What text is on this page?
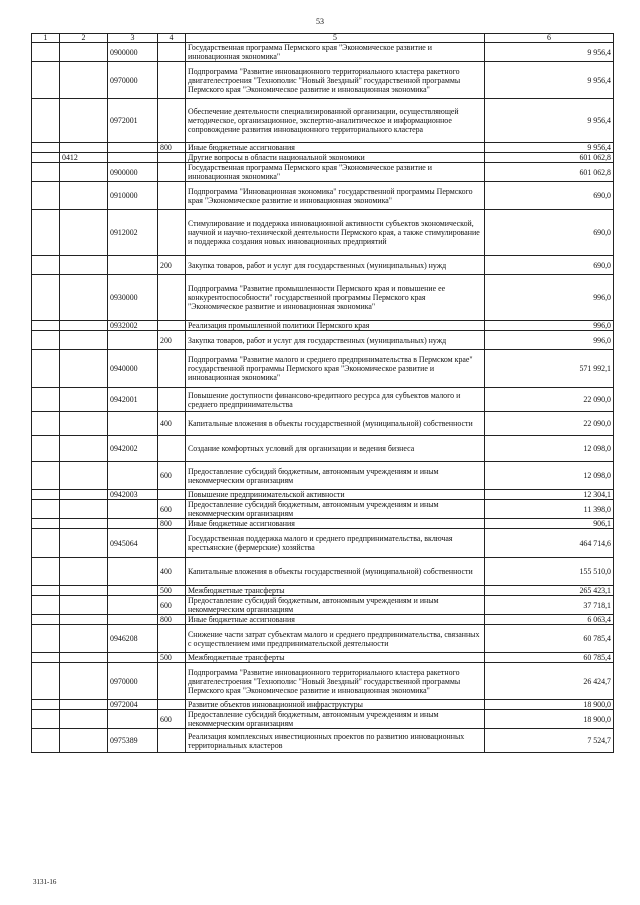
53
1	2	3	4	5	6
		0900000		Государственная программа Пермского края "Экономическое развитие и инновационная экономика"	9 956,4
		0970000		Подпрограмма "Развитие инновационного территориального кластера ракетного двигателестроения "Технополис "Новый Звездный" государственной программы Пермского края "Экономическое развитие и инновационная экономика"	9 956,4
		0972001		Обеспечение деятельности специализированной организации, осуществляющей методическое, организационное, экспертно-аналитическое и информационное сопровождение развития инновационного территориального кластера	9 956,4
			800	Иные бюджетные ассигнования	9 956,4
	0412			Другие вопросы в области национальной экономики	601 062,8
		0900000		Государственная программа Пермского края "Экономическое развитие и инновационная экономика"	601 062,8
		0910000		Подпрограмма "Инновационная экономика" государственной программы Пермского края "Экономическое развитие и инновационная экономика"	690,0
		0912002		Стимулирование и поддержка инновационной активности субъектов экономической, научной и научно-технической деятельности Пермского края, а также стимулирование и поддержка создания новых инновационных предприятий	690,0
			200	Закупка товаров, работ и услуг для государственных (муниципальных) нужд	690,0
		0930000		Подпрограмма "Развитие промышленности Пермского края и повышение ее конкурентоспособности" государственной программы Пермского края "Экономическое развитие и инновационная экономика"	996,0
		0932002		Реализация промышленной политики Пермского края	996,0
			200	Закупка товаров, работ и услуг для государственных (муниципальных) нужд	996,0
		0940000		Подпрограмма "Развитие малого и среднего предпринимательства в Пермском крае" государственной программы Пермского края "Экономическое развитие и инновационная экономика"	571 992,1
		0942001		Повышение доступности финансово-кредитного ресурса для субъектов малого и среднего предпринимательства	22 090,0
			400	Капитальные вложения в объекты государственной (муниципальной) собственности	22 090,0
		0942002		Создание комфортных условий для организации и ведения бизнеса	12 098,0
			600	Предоставление субсидий бюджетным, автономным учреждениям и иным некоммерческим организациям	12 098,0
		0942003		Повышение предпринимательской активности	12 304,1
			600	Предоставление субсидий бюджетным, автономным учреждениям и иным некоммерческим организациям	11 398,0
			800	Иные бюджетные ассигнования	906,1
		0945064		Государственная поддержка малого и среднего предпринимательства, включая крестьянские (фермерские) хозяйства	464 714,6
			400	Капитальные вложения в объекты государственной (муниципальной) собственности	155 510,0
			500	Межбюджетные трансферты	265 423,1
			600	Предоставление субсидий бюджетным, автономным учреждениям и иным некоммерческим организациям	37 718,1
			800	Иные бюджетные ассигнования	6 063,4
		0946208		Снижение части затрат субъектам малого и среднего предпринимательства, связанных с осуществлением ими предпринимательской деятельности	60 785,4
			500	Межбюджетные трансферты	60 785,4
		0970000		Подпрограмма "Развитие инновационного территориального кластера ракетного двигателестроения "Технополис "Новый Звездный" государственной программы Пермского края "Экономическое развитие и инновационная экономика"	26 424,7
		0972004		Развитие объектов инновационной инфраструктуры	18 900,0
			600	Предоставление субсидий бюджетным, автономным учреждениям и иным некоммерческим организациям	18 900,0
		0975389		Реализация комплексных инвестиционных проектов по развитию инновационных территориальных кластеров	7 524,7
3131-16
